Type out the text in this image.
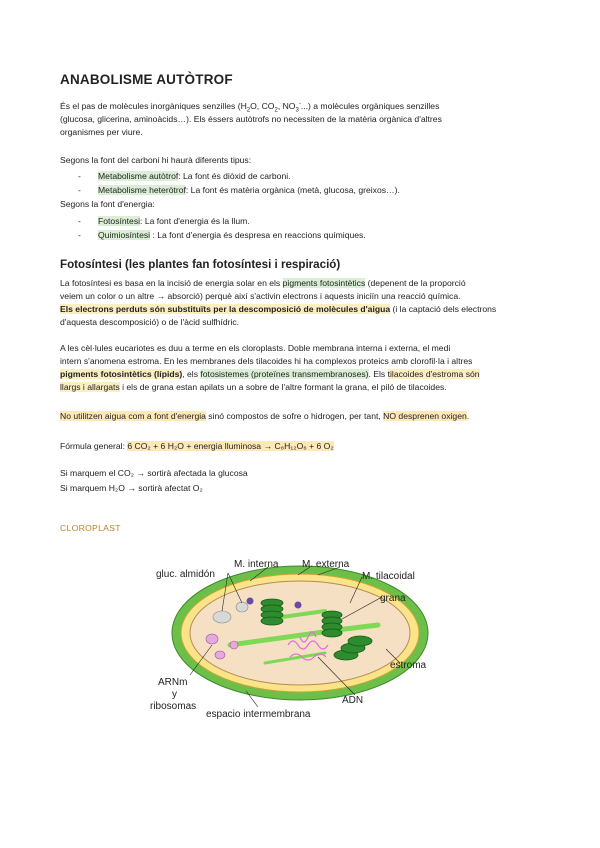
ANABOLISME AUTÒTROF
És el pas de molècules inorgàniques senzilles ($H_2O$, $CO_2$, $NO_3^-$...) a molècules orgàniques senzilles
(glucosa, glicerina, aminoàcids…). Els éssers autòtrofs no necessiten de la matèria orgànica d'altres
organismes per viure.
Segons la font del carboni hi haurà diferents tipus:
- Metabolisme autòtrof: La font és diòxid de carboni.
- Metabolisme heteròtrof: La font és matèria orgànica (metà, glucosa, greixos…).
Segons la font d'energia:
- Fotosíntesi: La font d'energia és la llum.
- Quimiosíntesi : La font d'energia és despresa en reaccions químiques.
Fotosíntesi (les plantes fan fotosíntesi i respiració)
La fotosíntesi es basa en la incisió de energia solar en els pigments fotosintètics (depenent de la proporció
veiem un color o un altre → absorció) perquè així s'activin electrons i aquests iniciïn una reacció química.
Els electrons perduts són substituïts per la descomposició de molècules d'aigua (i la captació dels electrons
d'aquesta descomposició) o de l'àcid sulfhídric.
A les cèl·lules eucariotes es duu a terme en els cloroplasts. Doble membrana interna i externa, el medi
intern s'anomena estroma. En les membranes dels tilacoides hi ha complexos proteics amb clorofil·la i altres
pigments fotosintètics (lípids), els fotosistemes (proteïnes transmembranoses). Els tilacoides d'estroma són
llargs i allargats i els de grana estan apilats un a sobre de l'altre formant la grana, el piló de tilacoides.
No utilitzen aigua com a font d'energia sinó compostos de sofre o hidrogen, per tant, NO desprenen oxigen.
Fórmula general: 6 CO₂ + 6 H₂O + energia lluminosa → C₆H₁₂O₆ + 6 O₂
Si marquem el CO₂ → sortirà afectada la glucosa
Si marquem H₂O → sortirà afectat O₂
CLOROPLAST
gluc. almidón
M. interna M. externa
M. tilacoidal
grana
estroma
ADN
espacio intermembrana
ARNm
y
ribosomas
